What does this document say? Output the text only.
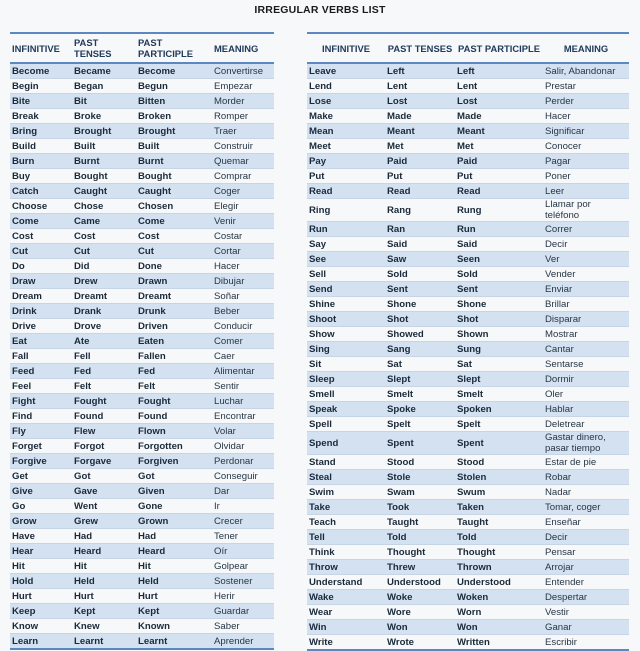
IRREGULAR VERBS LIST
INFINITIVE	PAST TENSES	PAST PARTICIPLE	MEANING
Become	Became	Become	Convertirse
Begin	Began	Begun	Empezar
Bite	Bit	Bitten	Morder
Break	Broke	Broken	Romper
Bring	Brought	Brought	Traer
Build	Built	Built	Construir
Burn	Burnt	Burnt	Quemar
Buy	Bought	Bought	Comprar
Catch	Caught	Caught	Coger
Choose	Chose	Chosen	Elegir
Come	Came	Come	Venir
Cost	Cost	Cost	Costar
Cut	Cut	Cut	Cortar
Do	Did	Done	Hacer
Draw	Drew	Drawn	Dibujar
Dream	Dreamt	Dreamt	Soñar
Drink	Drank	Drunk	Beber
Drive	Drove	Driven	Conducir
Eat	Ate	Eaten	Comer
Fall	Fell	Fallen	Caer
Feed	Fed	Fed	Alimentar
Feel	Felt	Felt	Sentir
Fight	Fought	Fought	Luchar
Find	Found	Found	Encontrar
Fly	Flew	Flown	Volar
Forget	Forgot	Forgotten	Olvidar
Forgive	Forgave	Forgiven	Perdonar
Get	Got	Got	Conseguir
Give	Gave	Given	Dar
Go	Went	Gone	Ir
Grow	Grew	Grown	Crecer
Have	Had	Had	Tener
Hear	Heard	Heard	Oír
Hit	Hit	Hit	Golpear
Hold	Held	Held	Sostener
Hurt	Hurt	Hurt	Herir
Keep	Kept	Kept	Guardar
Know	Knew	Known	Saber
Learn	Learnt	Learnt	Aprender
INFINITIVE	PAST TENSES	PAST PARTICIPLE	MEANING
Leave	Left	Left	Salir, Abandonar
Lend	Lent	Lent	Prestar
Lose	Lost	Lost	Perder
Make	Made	Made	Hacer
Mean	Meant	Meant	Significar
Meet	Met	Met	Conocer
Pay	Paid	Paid	Pagar
Put	Put	Put	Poner
Read	Read	Read	Leer
Ring	Rang	Rung	Llamar por teléfono
Run	Ran	Run	Correr
Say	Said	Said	Decir
See	Saw	Seen	Ver
Sell	Sold	Sold	Vender
Send	Sent	Sent	Enviar
Shine	Shone	Shone	Brillar
Shoot	Shot	Shot	Disparar
Show	Showed	Shown	Mostrar
Sing	Sang	Sung	Cantar
Sit	Sat	Sat	Sentarse
Sleep	Slept	Slept	Dormir
Smell	Smelt	Smelt	Oler
Speak	Spoke	Spoken	Hablar
Spell	Spelt	Spelt	Deletrear
Spend	Spent	Spent	Gastar dinero, pasar tiempo
Stand	Stood	Stood	Estar de pie
Steal	Stole	Stolen	Robar
Swim	Swam	Swum	Nadar
Take	Took	Taken	Tomar, coger
Teach	Taught	Taught	Enseñar
Tell	Told	Told	Decir
Think	Thought	Thought	Pensar
Throw	Threw	Thrown	Arrojar
Understand	Understood	Understood	Entender
Wake	Woke	Woken	Despertar
Wear	Wore	Worn	Vestir
Win	Won	Won	Ganar
Write	Wrote	Written	Escribir
